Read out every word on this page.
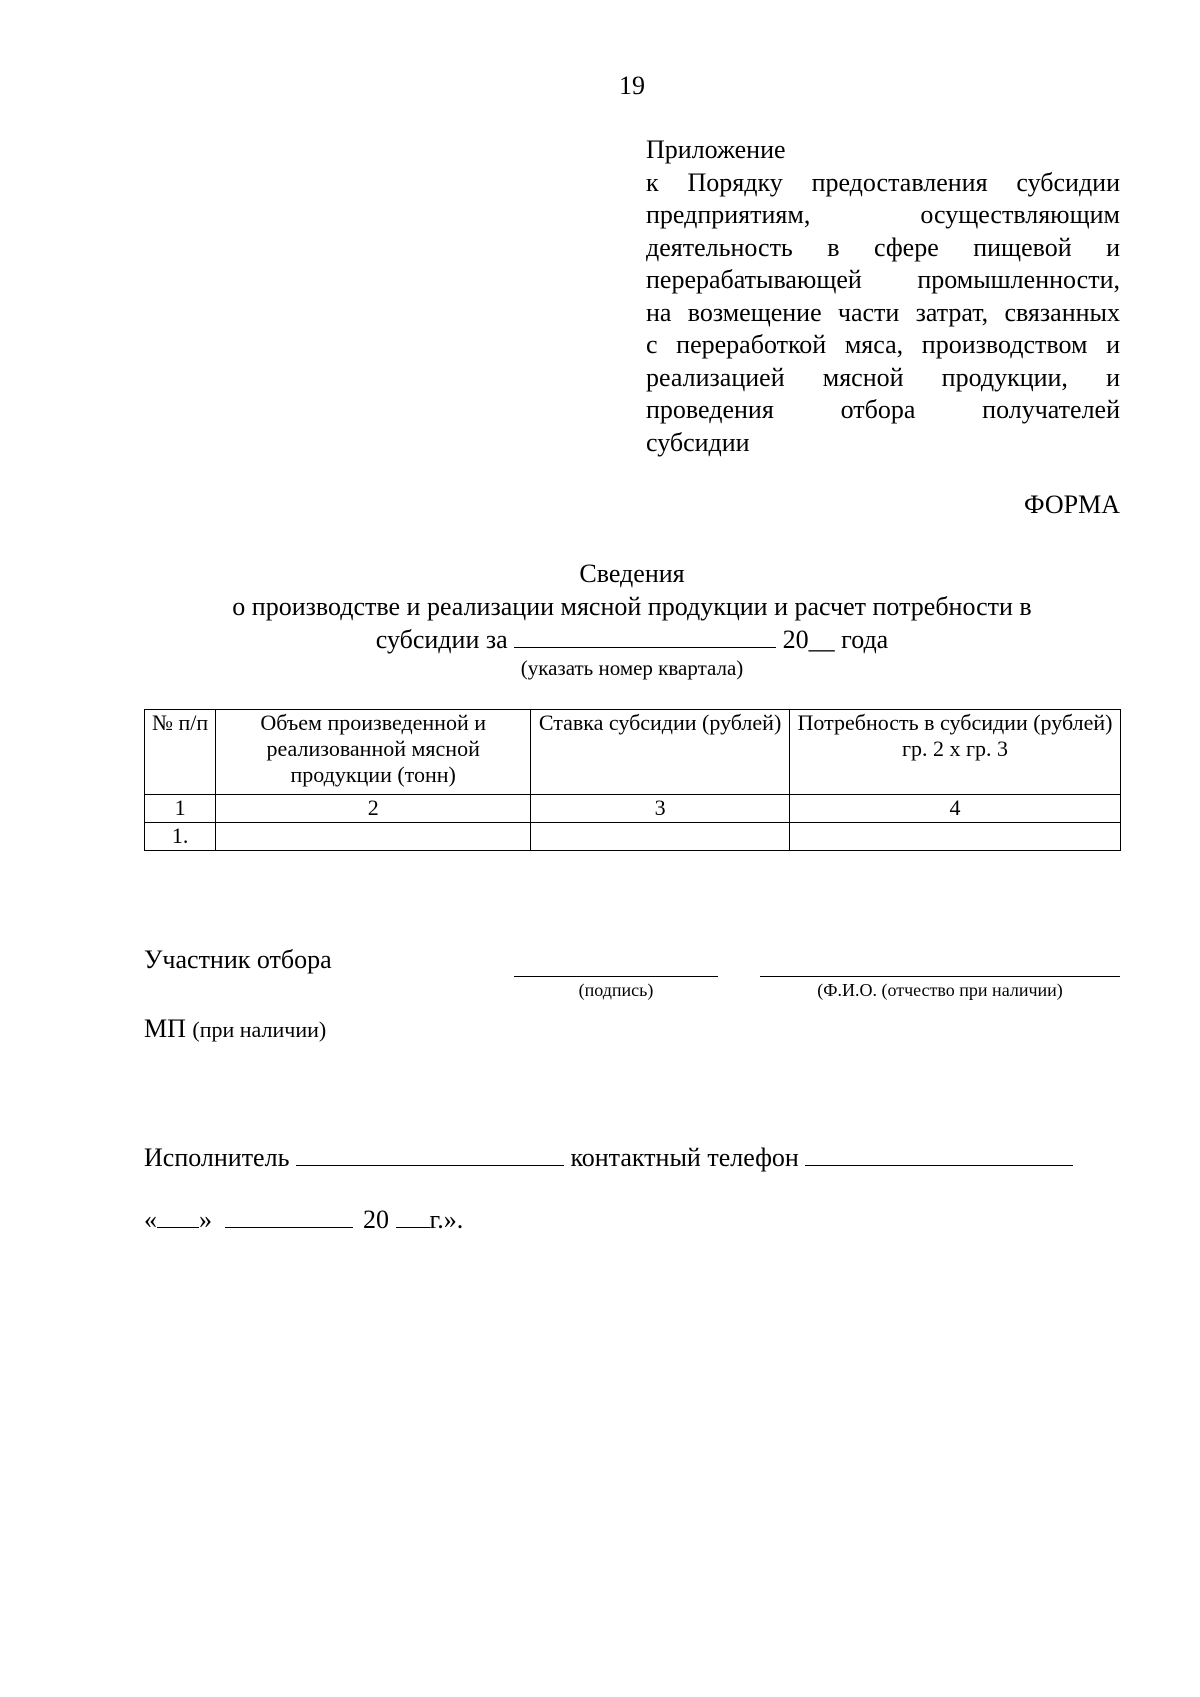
19
Приложение
к Порядку предоставления субсидии
предприятиям, осуществляющим
деятельность в сфере пищевой и
перерабатывающей промышленности,
на возмещение части затрат, связанных
с переработкой мяса, производством и
реализацией мясной продукции, и
проведения отбора получателей
субсидии
ФОРМА
Сведения
о производстве и реализации мясной продукции и расчет потребности в
субсидии за	20__ года
(указать номер квартала)
№ п/п	Объем произведенной и реализованной мясной продукции (тонн)	Ставка субсидии (рублей)	Потребность в субсидии (рублей) гр. 2 х гр. 3
1	2	3	4
1.			
Участник отбора
(подпись)	(Ф.И.О. (отчество при наличии)
МП (при наличии)
Исполнитель	контактный телефон
« »	20 г.».
